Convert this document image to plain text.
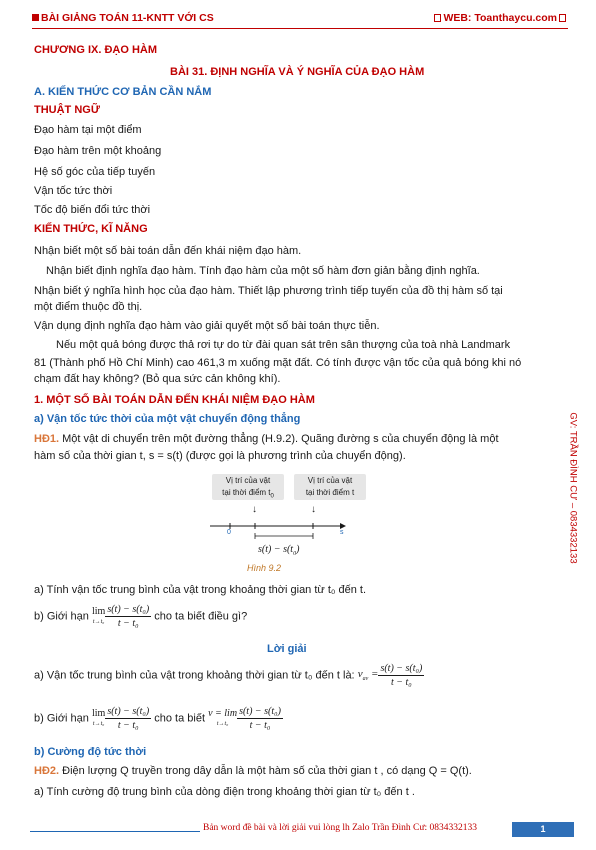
BÀI GIẢNG TOÁN 11-KNTT VỚI CS	WEB: Toanthaycu.com
CHƯƠNG IX. ĐẠO HÀM
BÀI 31. ĐỊNH NGHĨA VÀ Ý NGHĨA CỦA ĐẠO HÀM
A. KIẾN THỨC CƠ BẢN CẦN NẮM
THUẬT NGỮ
Đạo hàm tại một điểm
Đạo hàm trên một khoảng
Hệ số góc của tiếp tuyến
Vận tốc tức thời
Tốc độ biến đổi tức thời
KIẾN THỨC, KĨ NĂNG
Nhận biết một số bài toán dẫn đến khái niệm đạo hàm.
Nhận biết định nghĩa đạo hàm. Tính đạo hàm của một số hàm đơn giản bằng định nghĩa.
Nhận biết ý nghĩa hình học của đạo hàm. Thiết lập phương trình tiếp tuyến của đồ thị hàm số tại
một điểm thuộc đồ thị.
Vận dụng định nghĩa đạo hàm vào giải quyết một số bài toán thực tiễn.
Nếu một quả bóng được thả rơi tự do từ đài quan sát trên sân thượng của toà nhà Landmark
81 (Thành phố Hồ Chí Minh) cao 461,3 m xuống mặt đất. Có tính được vận tốc của quả bóng khi nó
chạm đất hay không? (Bỏ qua sức cản không khí).
1. MỘT SỐ BÀI TOÁN DẪN ĐẾN KHÁI NIỆM ĐẠO HÀM
a) Vận tốc tức thời của một vật chuyển động thẳng
HĐ1. Một vật di chuyển trên một đường thẳng (H.9.2). Quãng đường s của chuyển động là một
hàm số của thời gian t, s = s(t) (được gọi là phương trình của chuyển động).
Vị trí của vật
tại thời điểm $t_0$
Vị trí của vật
tại thời điểm t
↓	↓
0	s
$s(t) - s(t_0)$
Hình 9.2
a) Tính vận tốc trung bình của vật trong khoảng thời gian từ t₀ đến t.
b) Giới hạn lim
$t\to t_0 \frac{\text{s(t) − s(t₀)}}{\text{t − t₀}}$ cho ta biết điều gì?
Lời giải
a) Vận tốc trung bình của vật trong khoảng thời gian từ t₀ đến t là: $v_{av} = \frac{\text{s(t) − s(t₀)}}{\text{t − t₀}}$
b) Giới hạn lim
$t\to t_0 \frac{\text{s(t) − s(t₀)}}{\text{t − t₀}}$ cho ta biết v = lim
$t\to t_0 \frac{\text{s(t) − s(t₀)}}{\text{t − t₀}}$
b) Cường độ tức thời
HĐ2. Điện lượng Q truyền trong dây dẫn là một hàm số của thời gian t , có dạng Q = Q(t).
a) Tính cường độ trung bình của dòng điện trong khoảng thời gian từ t₀ đến t .
GV: TRẦN ĐÌNH CƯ – 0834332133
Bản word đề bài và lời giải vui lòng lh Zalo Trần Đình Cư: 0834332133	1
